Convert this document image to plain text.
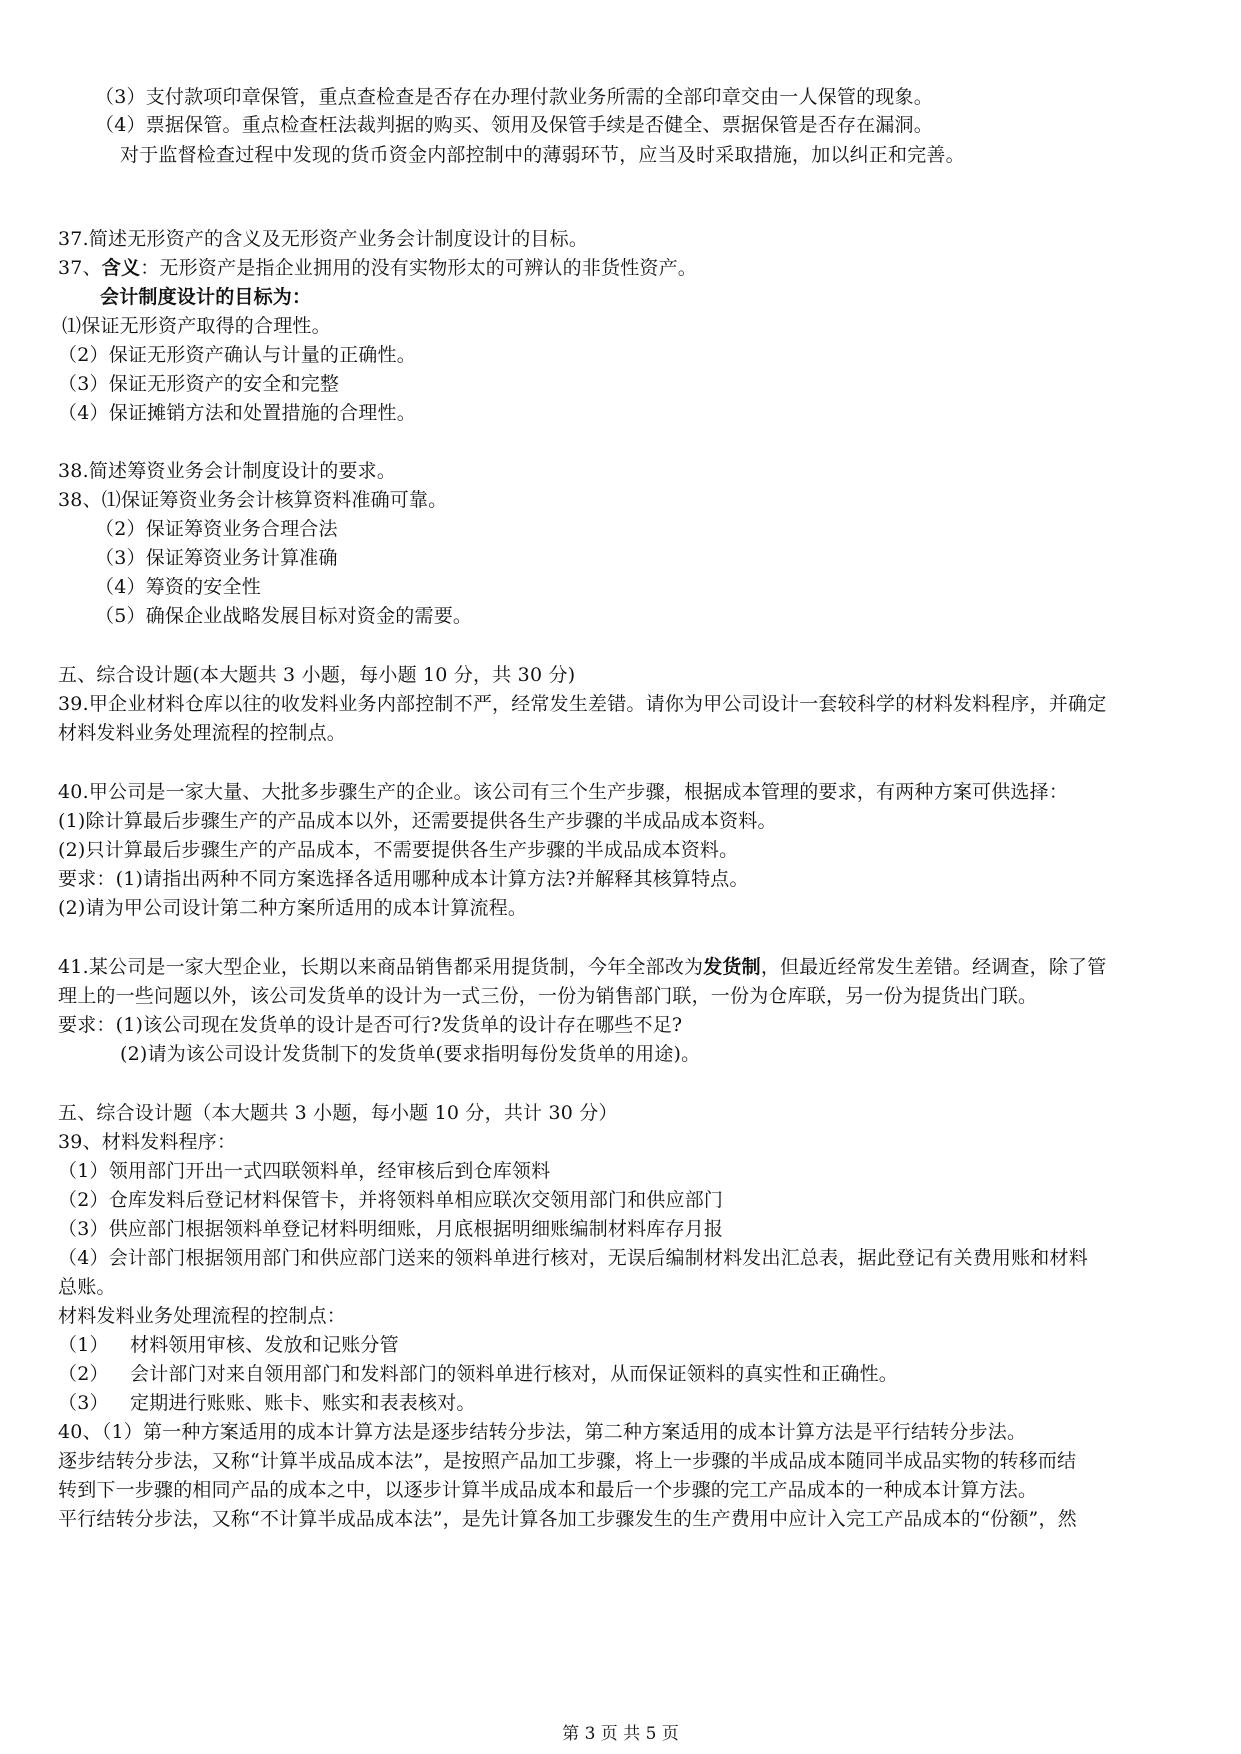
（3）支付款项印章保管，重点查检查是否存在办理付款业务所需的全部印章交由一人保管的现象。

（4）票据保管。重点检查枉法裁判据的购买、领用及保管手续是否健全、票据保管是否存在漏洞。

对于监督检查过程中发现的货币资金内部控制中的薄弱环节，应当及时采取措施，加以纠正和完善。

37.简述无形资产的含义及无形资产业务会计制度设计的目标。

37、含义：无形资产是指企业拥用的没有实物形太的可辨认的非货性资产。

会计制度设计的目标为：

⑴保证无形资产取得的合理性。

（2）保证无形资产确认与计量的正确性。

（3）保证无形资产的安全和完整

（4）保证摊销方法和处置措施的合理性。

38.简述筹资业务会计制度设计的要求。

38、⑴保证筹资业务会计核算资料准确可靠。

（2）保证筹资业务合理合法

（3）保证筹资业务计算准确

（4）筹资的安全性

（5）确保企业战略发展目标对资金的需要。

五、综合设计题(本大题共 3 小题，每小题 10 分，共 30 分)

39.甲企业材料仓库以往的收发料业务内部控制不严，经常发生差错。请你为甲公司设计一套较科学的材料发料程序，并确定

材料发料业务处理流程的控制点。

40.甲公司是一家大量、大批多步骤生产的企业。该公司有三个生产步骤，根据成本管理的要求，有两种方案可供选择：

(1)除计算最后步骤生产的产品成本以外，还需要提供各生产步骤的半成品成本资料。

(2)只计算最后步骤生产的产品成本，不需要提供各生产步骤的半成品成本资料。

要求：(1)请指出两种不同方案选择各适用哪种成本计算方法?并解释其核算特点。

(2)请为甲公司设计第二种方案所适用的成本计算流程。

41.某公司是一家大型企业，长期以来商品销售都采用提货制，今年全部改为发货制，但最近经常发生差错。经调查，除了管

理上的一些问题以外，该公司发货单的设计为一式三份，一份为销售部门联，一份为仓库联，另一份为提货出门联。

要求：(1)该公司现在发货单的设计是否可行?发货单的设计存在哪些不足?

(2)请为该公司设计发货制下的发货单(要求指明每份发货单的用途)。

五、综合设计题（本大题共 3 小题，每小题 10 分，共计 30 分）

39、材料发料程序：

（1）领用部门开出一式四联领料单，经审核后到仓库领料

（2）仓库发料后登记材料保管卡，并将领料单相应联次交领用部门和供应部门

（3）供应部门根据领料单登记材料明细账，月底根据明细账编制材料库存月报

（4）会计部门根据领用部门和供应部门送来的领料单进行核对，无误后编制材料发出汇总表，据此登记有关费用账和材料

总账。

材料发料业务处理流程的控制点：

（1） 材料领用审核、发放和记账分管

（2） 会计部门对来自领用部门和发料部门的领料单进行核对，从而保证领料的真实性和正确性。

（3） 定期进行账账、账卡、账实和表表核对。

40、（1）第一种方案适用的成本计算方法是逐步结转分步法，第二种方案适用的成本计算方法是平行结转分步法。

逐步结转分步法，又称“计算半成品成本法”，是按照产品加工步骤，将上一步骤的半成品成本随同半成品实物的转移而结

转到下一步骤的相同产品的成本之中，以逐步计算半成品成本和最后一个步骤的完工产品成本的一种成本计算方法。

平行结转分步法，又称“不计算半成品成本法”，是先计算各加工步骤发生的生产费用中应计入完工产品成本的“份额”，然

第 3 页 共 5 页
